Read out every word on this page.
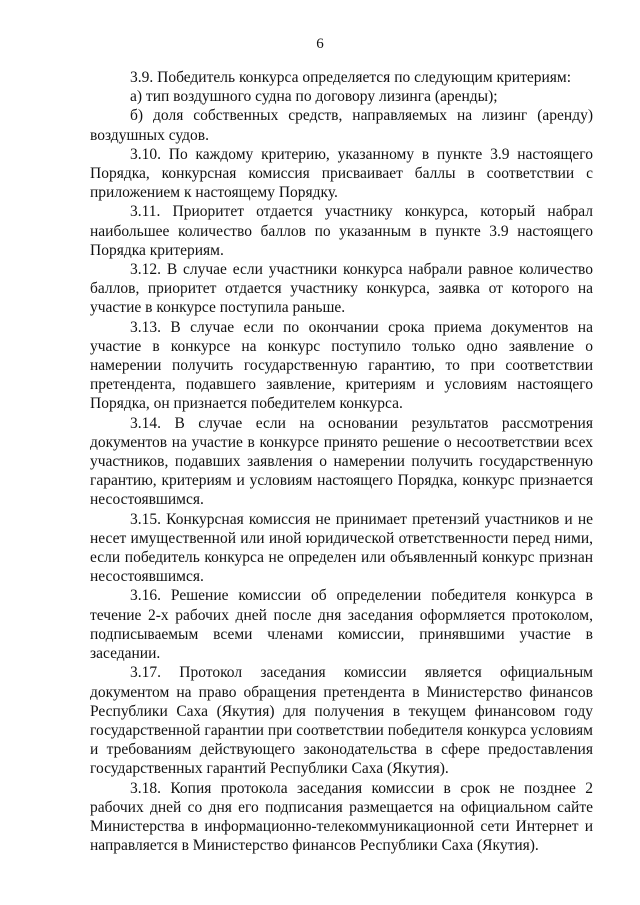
6

3.9. Победитель конкурса определяется по следующим критериям:

а) тип воздушного судна по договору лизинга (аренды);

б) доля собственных средств, направляемых на лизинг (аренду) воздушных судов.

3.10. По каждому критерию, указанному в пункте 3.9 настоящего Порядка, конкурсная комиссия присваивает баллы в соответствии с приложением к настоящему Порядку.

3.11. Приоритет отдается участнику конкурса, который набрал наибольшее количество баллов по указанным в пункте 3.9 настоящего Порядка критериям.

3.12. В случае если участники конкурса набрали равное количество баллов, приоритет отдается участнику конкурса, заявка от которого на участие в конкурсе поступила раньше.

3.13. В случае если по окончании срока приема документов на участие в конкурсе на конкурс поступило только одно заявление о намерении получить государственную гарантию, то при соответствии претендента, подавшего заявление, критериям и условиям настоящего Порядка, он признается победителем конкурса.

3.14. В случае если на основании результатов рассмотрения документов на участие в конкурсе принято решение о несоответствии всех участников, подавших заявления о намерении получить государственную гарантию, критериям и условиям настоящего Порядка, конкурс признается несостоявшимся.

3.15. Конкурсная комиссия не принимает претензий участников и не несет имущественной или иной юридической ответственности перед ними, если победитель конкурса не определен или объявленный конкурс признан несостоявшимся.

3.16. Решение комиссии об определении победителя конкурса в течение 2-х рабочих дней после дня заседания оформляется протоколом, подписываемым всеми членами комиссии, принявшими участие в заседании.

3.17. Протокол заседания комиссии является официальным документом на право обращения претендента в Министерство финансов Республики Саха (Якутия) для получения в текущем финансовом году государственной гарантии при соответствии победителя конкурса условиям и требованиям действующего законодательства в сфере предоставления государственных гарантий Республики Саха (Якутия).

3.18. Копия протокола заседания комиссии в срок не позднее 2 рабочих дней со дня его подписания размещается на официальном сайте Министерства в информационно-телекоммуникационной сети Интернет и направляется в Министерство финансов Республики Саха (Якутия).
